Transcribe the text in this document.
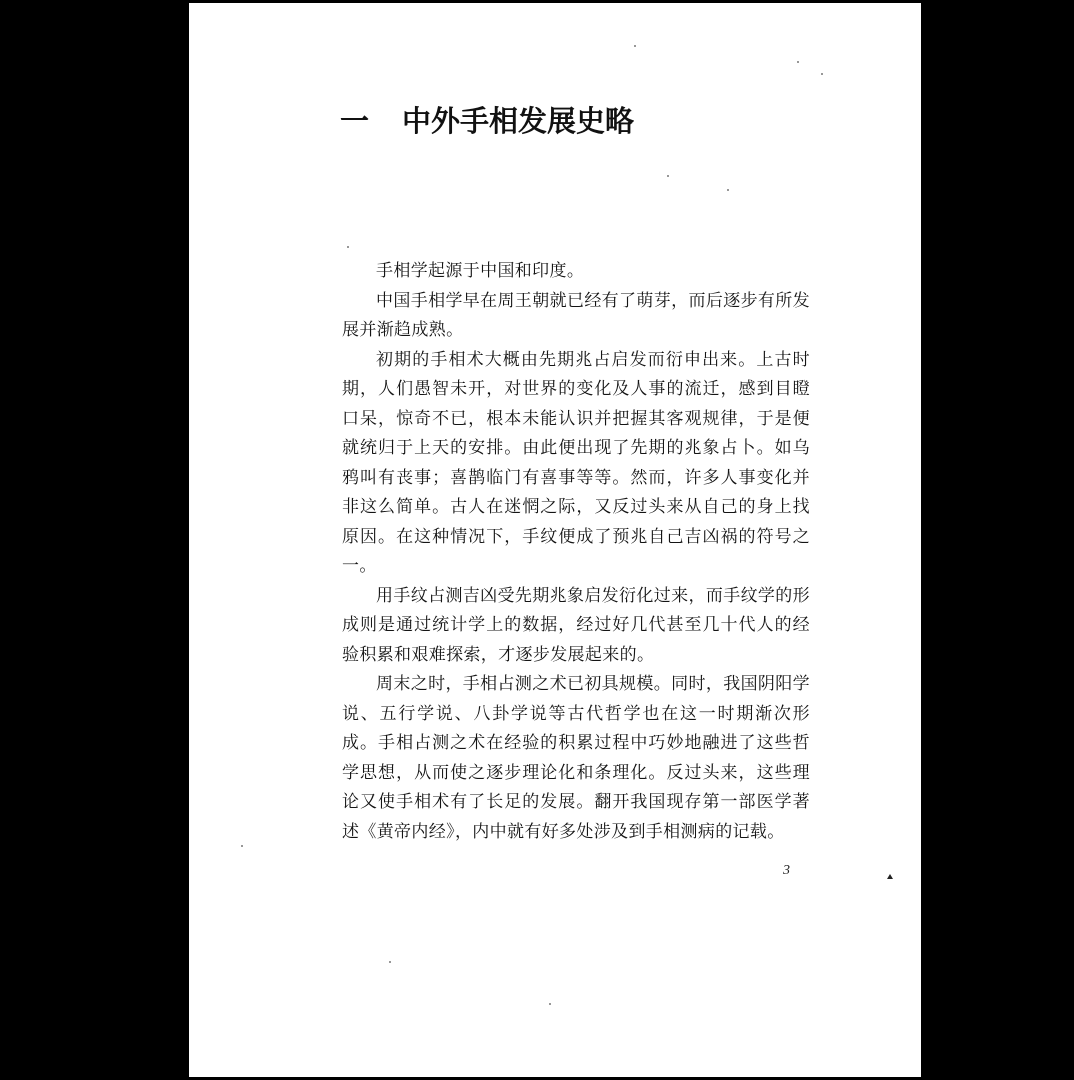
一 中外手相发展史略

手相学起源于中国和印度。

中国手相学早在周王朝就已经有了萌芽，而后逐步有所发展并渐趋成熟。

初期的手相术大概由先期兆占启发而衍申出来。上古时期，人们愚智未开，对世界的变化及人事的流迁，感到目瞪口呆，惊奇不已，根本未能认识并把握其客观规律，于是便就统归于上天的安排。由此便出现了先期的兆象占卜。如乌鸦叫有丧事；喜鹊临门有喜事等等。然而，许多人事变化并非这么简单。古人在迷惘之际，又反过头来从自己的身上找原因。在这种情况下，手纹便成了预兆自己吉凶祸的符号之一。

用手纹占测吉凶受先期兆象启发衍化过来，而手纹学的形成则是通过统计学上的数据，经过好几代甚至几十代人的经验积累和艰难探索，才逐步发展起来的。

周末之时，手相占测之术已初具规模。同时，我国阴阳学说、五行学说、八卦学说等古代哲学也在这一时期渐次形成。手相占测之术在经验的积累过程中巧妙地融进了这些哲学思想，从而使之逐步理论化和条理化。反过头来，这些理论又使手相术有了长足的发展。翻开我国现存第一部医学著述《黄帝内经》，内中就有好多处涉及到手相测病的记载。

3
